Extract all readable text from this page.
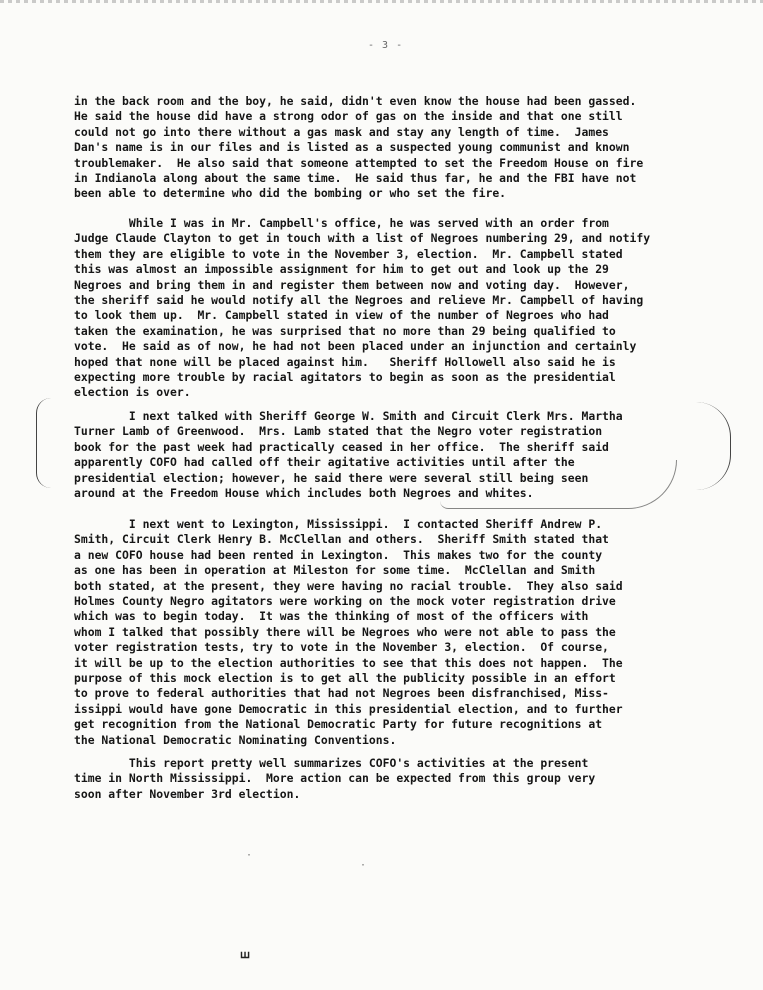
- 3 -
in the back room and the boy, he said, didn't even know the house had been gassed.
He said the house did have a strong odor of gas on the inside and that one still
could not go into there without a gas mask and stay any length of time.  James
Dan's name is in our files and is listed as a suspected young communist and known
troublemaker.  He also said that someone attempted to set the Freedom House on fire
in Indianola along about the same time.  He said thus far, he and the FBI have not
been able to determine who did the bombing or who set the fire.
While I was in Mr. Campbell's office, he was served with an order from
Judge Claude Clayton to get in touch with a list of Negroes numbering 29, and notify
them they are eligible to vote in the November 3, election.  Mr. Campbell stated
this was almost an impossible assignment for him to get out and look up the 29
Negroes and bring them in and register them between now and voting day.  However,
the sheriff said he would notify all the Negroes and relieve Mr. Campbell of having
to look them up.  Mr. Campbell stated in view of the number of Negroes who had
taken the examination, he was surprised that no more than 29 being qualified to
vote.  He said as of now, he had not been placed under an injunction and certainly
hoped that none will be placed against him.   Sheriff Hollowell also said he is
expecting more trouble by racial agitators to begin as soon as the presidential
election is over.
I next talked with Sheriff George W. Smith and Circuit Clerk Mrs. Martha
Turner Lamb of Greenwood.  Mrs. Lamb stated that the Negro voter registration
book for the past week had practically ceased in her office.  The sheriff said
apparently COFO had called off their agitative activities until after the
presidential election; however, he said there were several still being seen
around at the Freedom House which includes both Negroes and whites.
I next went to Lexington, Mississippi.  I contacted Sheriff Andrew P.
Smith, Circuit Clerk Henry B. McClellan and others.  Sheriff Smith stated that
a new COFO house had been rented in Lexington.  This makes two for the county
as one has been in operation at Mileston for some time.  McClellan and Smith
both stated, at the present, they were having no racial trouble.  They also said
Holmes County Negro agitators were working on the mock voter registration drive
which was to begin today.  It was the thinking of most of the officers with
whom I talked that possibly there will be Negroes who were not able to pass the
voter registration tests, try to vote in the November 3, election.  Of course,
it will be up to the election authorities to see that this does not happen.  The
purpose of this mock election is to get all the publicity possible in an effort
to prove to federal authorities that had not Negroes been disfranchised, Miss-
issippi would have gone Democratic in this presidential election, and to further
get recognition from the National Democratic Party for future recognitions at
the National Democratic Nominating Conventions.
This report pretty well summarizes COFO's activities at the present
time in North Mississippi.  More action can be expected from this group very
soon after November 3rd election.
·
·
ꟺ
